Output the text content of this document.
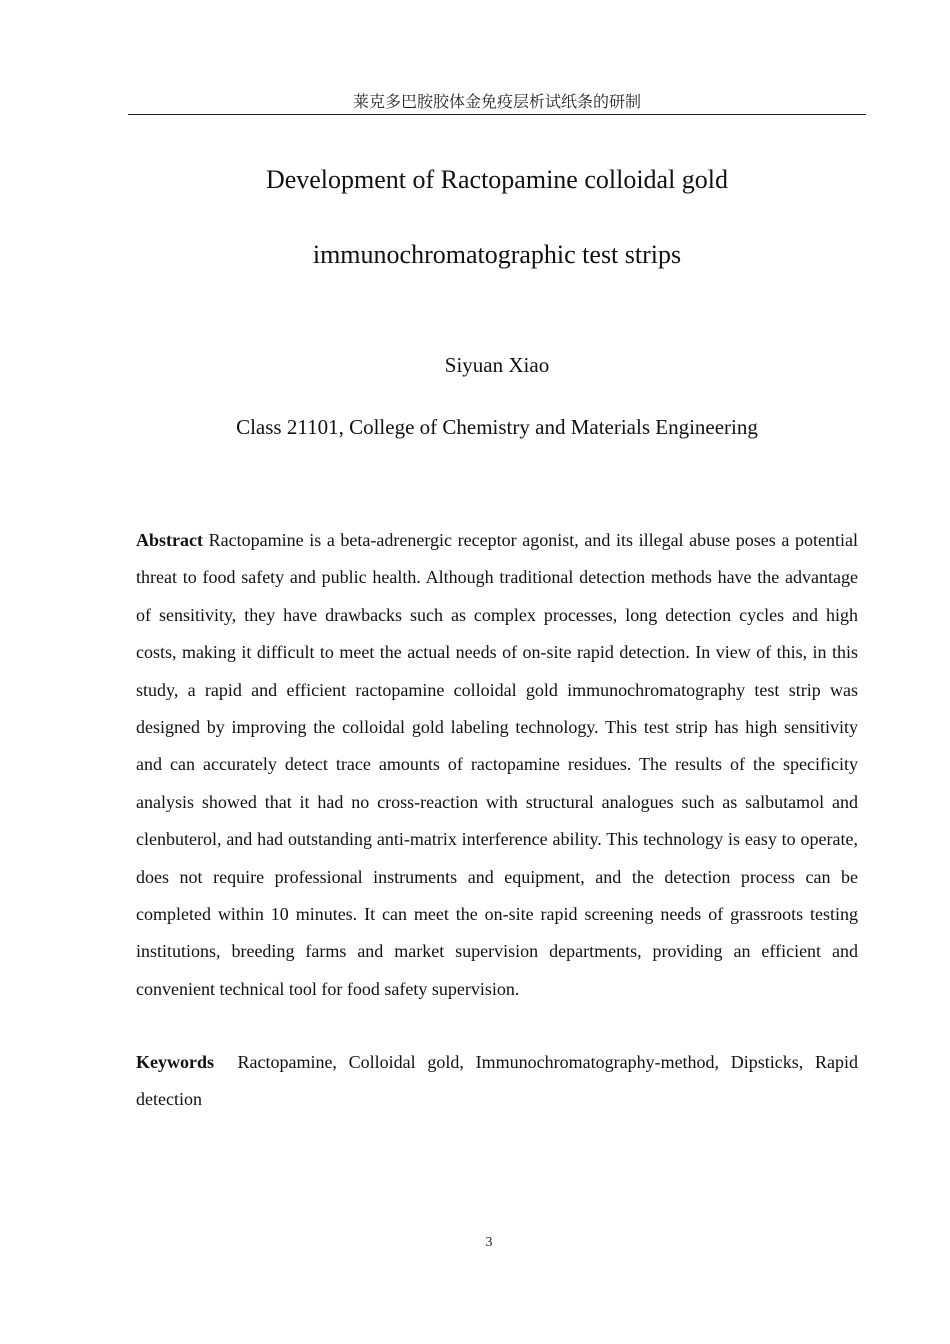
莱克多巴胺胶体金免疫层析试纸条的研制
Development of Ractopamine colloidal gold
immunochromatographic test strips
Siyuan Xiao
Class 21101, College of Chemistry and Materials Engineering

Abstract Ractopamine is a beta-adrenergic receptor agonist, and its illegal abuse poses a potential threat to food safety and public health. Although traditional detection methods have the advantage of sensitivity, they have drawbacks such as complex processes, long detection cycles and high costs, making it difficult to meet the actual needs of on-site rapid detection. In view of this, in this study, a rapid and efficient ractopamine colloidal gold immunochromatography test strip was designed by improving the colloidal gold labeling technology. This test strip has high sensitivity and can accurately detect trace amounts of ractopamine residues. The results of the specificity analysis showed that it had no cross-reaction with structural analogues such as salbutamol and clenbuterol, and had outstanding anti-matrix interference ability. This technology is easy to operate, does not require professional instruments and equipment, and the detection process can be completed within 10 minutes. It can meet the on-site rapid screening needs of grassroots testing institutions, breeding farms and market supervision departments, providing an efficient and convenient technical tool for food safety supervision.

Keywords Ractopamine, Colloidal gold, Immunochromatography-method, Dipsticks, Rapid detection

3
